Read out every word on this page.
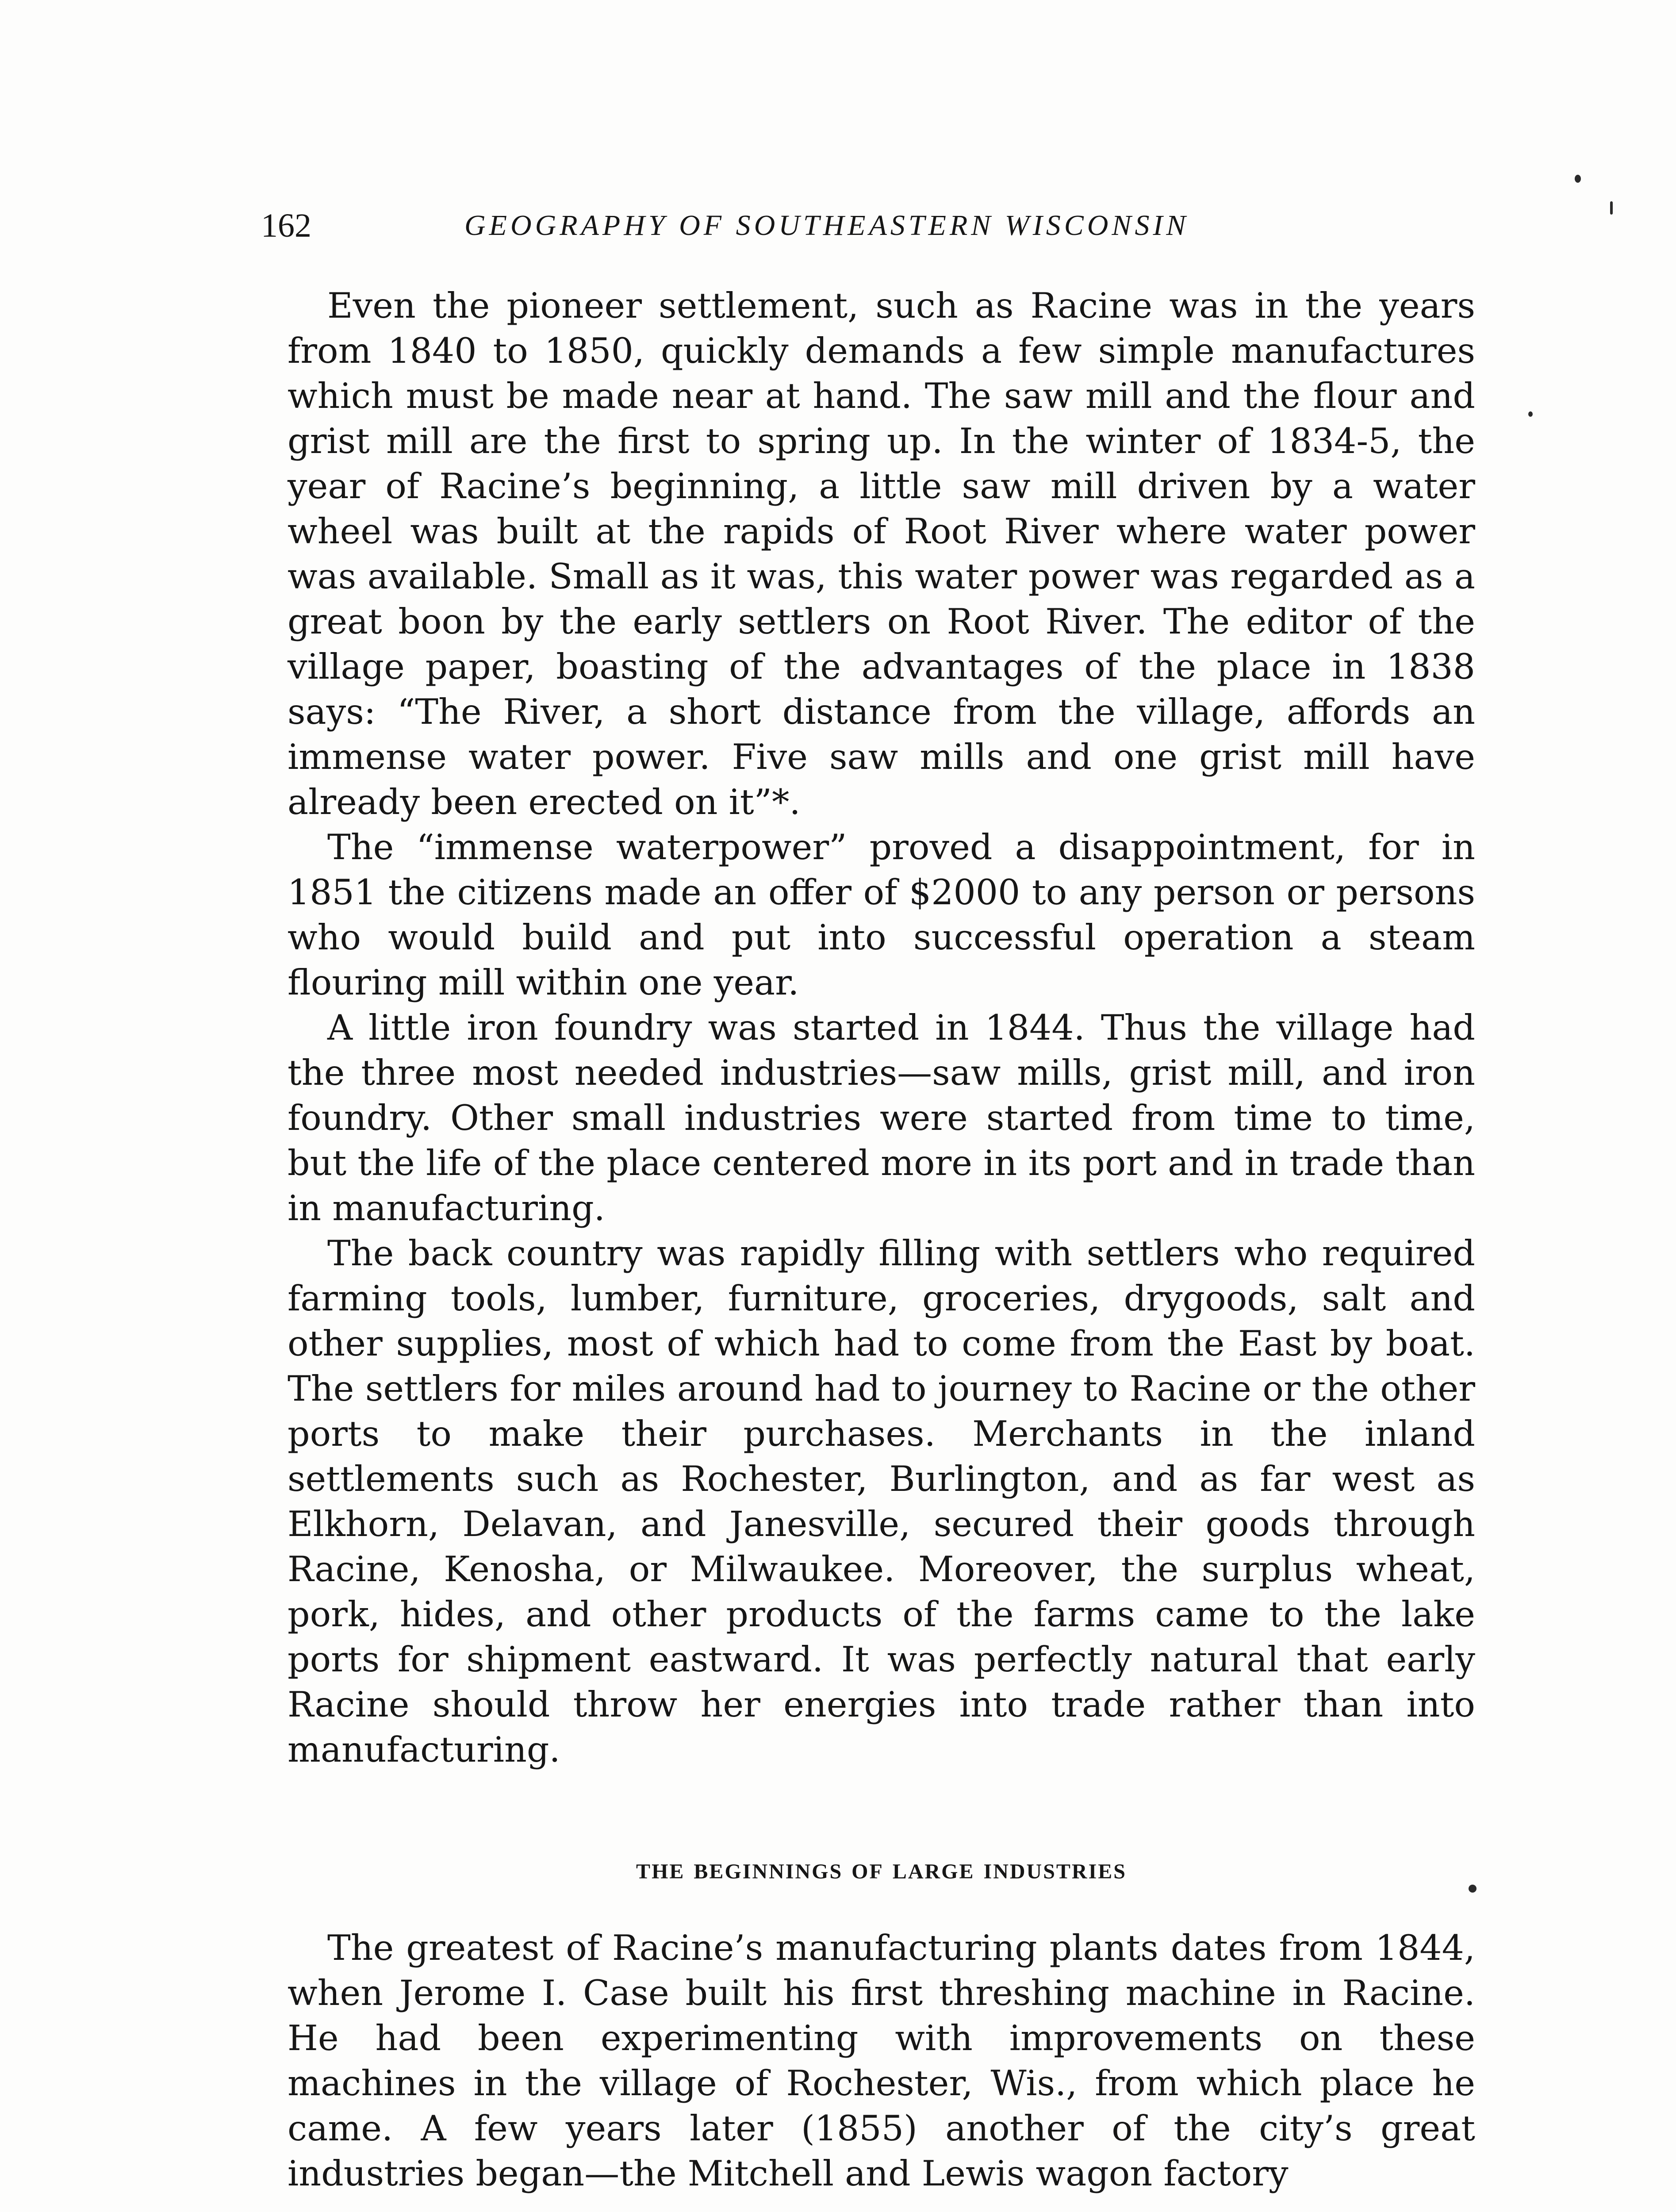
162	GEOGRAPHY OF SOUTHEASTERN WISCONSIN

Even the pioneer settlement, such as Racine was in the years from 1840 to 1850, quickly demands a few simple manufactures which must be made near at hand. The saw mill and the flour and grist mill are the first to spring up. In the winter of 1834-5, the year of Racine’s beginning, a little saw mill driven by a water wheel was built at the rapids of Root River where water power was available. Small as it was, this water power was regarded as a great boon by the early settlers on Root River. The editor of the village paper, boasting of the advantages of the place in 1838 says: “The River, a short distance from the village, affords an immense water power. Five saw mills and one grist mill have already been erected on it”*.

The “immense waterpower” proved a disappointment, for in 1851 the citizens made an offer of $2000 to any person or persons who would build and put into successful operation a steam flouring mill within one year.

A little iron foundry was started in 1844. Thus the village had the three most needed industries—saw mills, grist mill, and iron foundry. Other small industries were started from time to time, but the life of the place centered more in its port and in trade than in manufacturing.

The back country was rapidly filling with settlers who required farming tools, lumber, furniture, groceries, drygoods, salt and other supplies, most of which had to come from the East by boat. The settlers for miles around had to journey to Racine or the other ports to make their purchases. Merchants in the inland settlements such as Rochester, Burlington, and as far west as Elkhorn, Delavan, and Janesville, secured their goods through Racine, Kenosha, or Milwaukee. Moreover, the surplus wheat, pork, hides, and other products of the farms came to the lake ports for shipment eastward. It was perfectly natural that early Racine should throw her energies into trade rather than into manufacturing.

the beginnings of large industries

The greatest of Racine’s manufacturing plants dates from 1844, when Jerome I. Case built his first threshing machine in Racine. He had been experimenting with improvements on these machines in the village of Rochester, Wis., from which place he came. A few years later (1855) another of the city’s great industries began—the Mitchell and Lewis wagon factory
